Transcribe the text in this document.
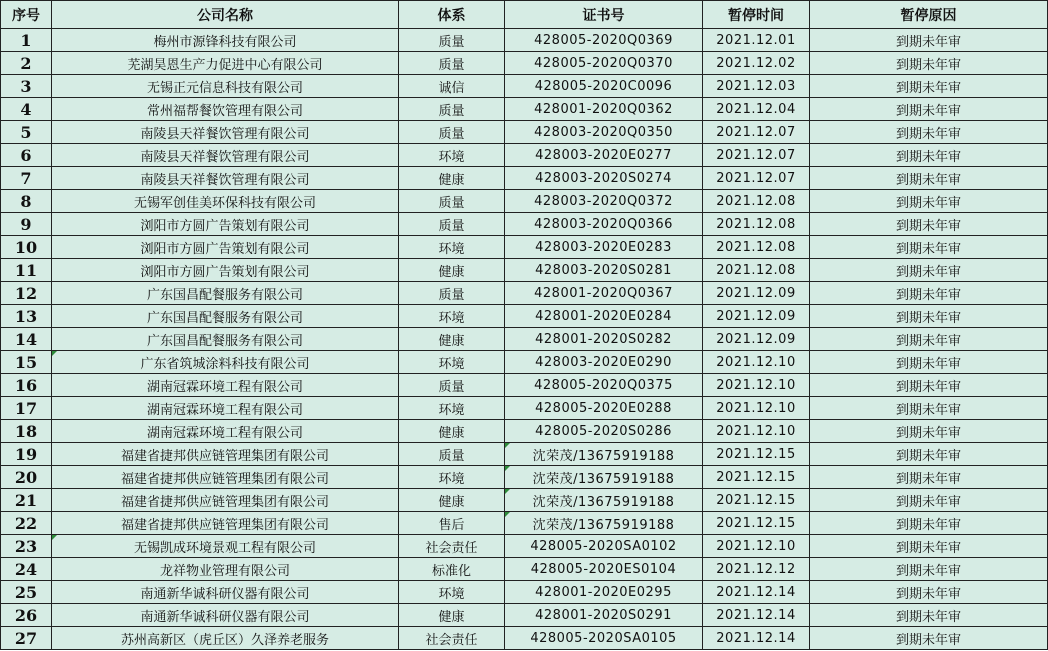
序号	公司名称	体系	证书号	暂停时间	暂停原因
1	梅州市源锋科技有限公司	质量	428005-2020Q0369	2021.12.01	到期未年审
2	芜湖昊恩生产力促进中心有限公司	质量	428005-2020Q0370	2021.12.02	到期未年审
3	无锡正元信息科技有限公司	诚信	428005-2020C0096	2021.12.03	到期未年审
4	常州福帮餐饮管理有限公司	质量	428001-2020Q0362	2021.12.04	到期未年审
5	南陵县天祥餐饮管理有限公司	质量	428003-2020Q0350	2021.12.07	到期未年审
6	南陵县天祥餐饮管理有限公司	环境	428003-2020E0277	2021.12.07	到期未年审
7	南陵县天祥餐饮管理有限公司	健康	428003-2020S0274	2021.12.07	到期未年审
8	无锡军创佳美环保科技有限公司	质量	428003-2020Q0372	2021.12.08	到期未年审
9	浏阳市方圆广告策划有限公司	质量	428003-2020Q0366	2021.12.08	到期未年审
10	浏阳市方圆广告策划有限公司	环境	428003-2020E0283	2021.12.08	到期未年审
11	浏阳市方圆广告策划有限公司	健康	428003-2020S0281	2021.12.08	到期未年审
12	广东国昌配餐服务有限公司	质量	428001-2020Q0367	2021.12.09	到期未年审
13	广东国昌配餐服务有限公司	环境	428001-2020E0284	2021.12.09	到期未年审
14	广东国昌配餐服务有限公司	健康	428001-2020S0282	2021.12.09	到期未年审
15	广东省筑城涂料科技有限公司	环境	428003-2020E0290	2021.12.10	到期未年审
16	湖南冠霖环境工程有限公司	质量	428005-2020Q0375	2021.12.10	到期未年审
17	湖南冠霖环境工程有限公司	环境	428005-2020E0288	2021.12.10	到期未年审
18	湖南冠霖环境工程有限公司	健康	428005-2020S0286	2021.12.10	到期未年审
19	福建省捷邦供应链管理集团有限公司	质量	沈荣茂/13675919188	2021.12.15	到期未年审
20	福建省捷邦供应链管理集团有限公司	环境	沈荣茂/13675919188	2021.12.15	到期未年审
21	福建省捷邦供应链管理集团有限公司	健康	沈荣茂/13675919188	2021.12.15	到期未年审
22	福建省捷邦供应链管理集团有限公司	售后	沈荣茂/13675919188	2021.12.15	到期未年审
23	无锡凯成环境景观工程有限公司	社会责任	428005-2020SA0102	2021.12.10	到期未年审
24	龙祥物业管理有限公司	标准化	428005-2020ES0104	2021.12.12	到期未年审
25	南通新华诚科研仪器有限公司	环境	428001-2020E0295	2021.12.14	到期未年审
26	南通新华诚科研仪器有限公司	健康	428001-2020S0291	2021.12.14	到期未年审
27	苏州高新区（虎丘区）久泽养老服务	社会责任	428005-2020SA0105	2021.12.14	到期未年审
